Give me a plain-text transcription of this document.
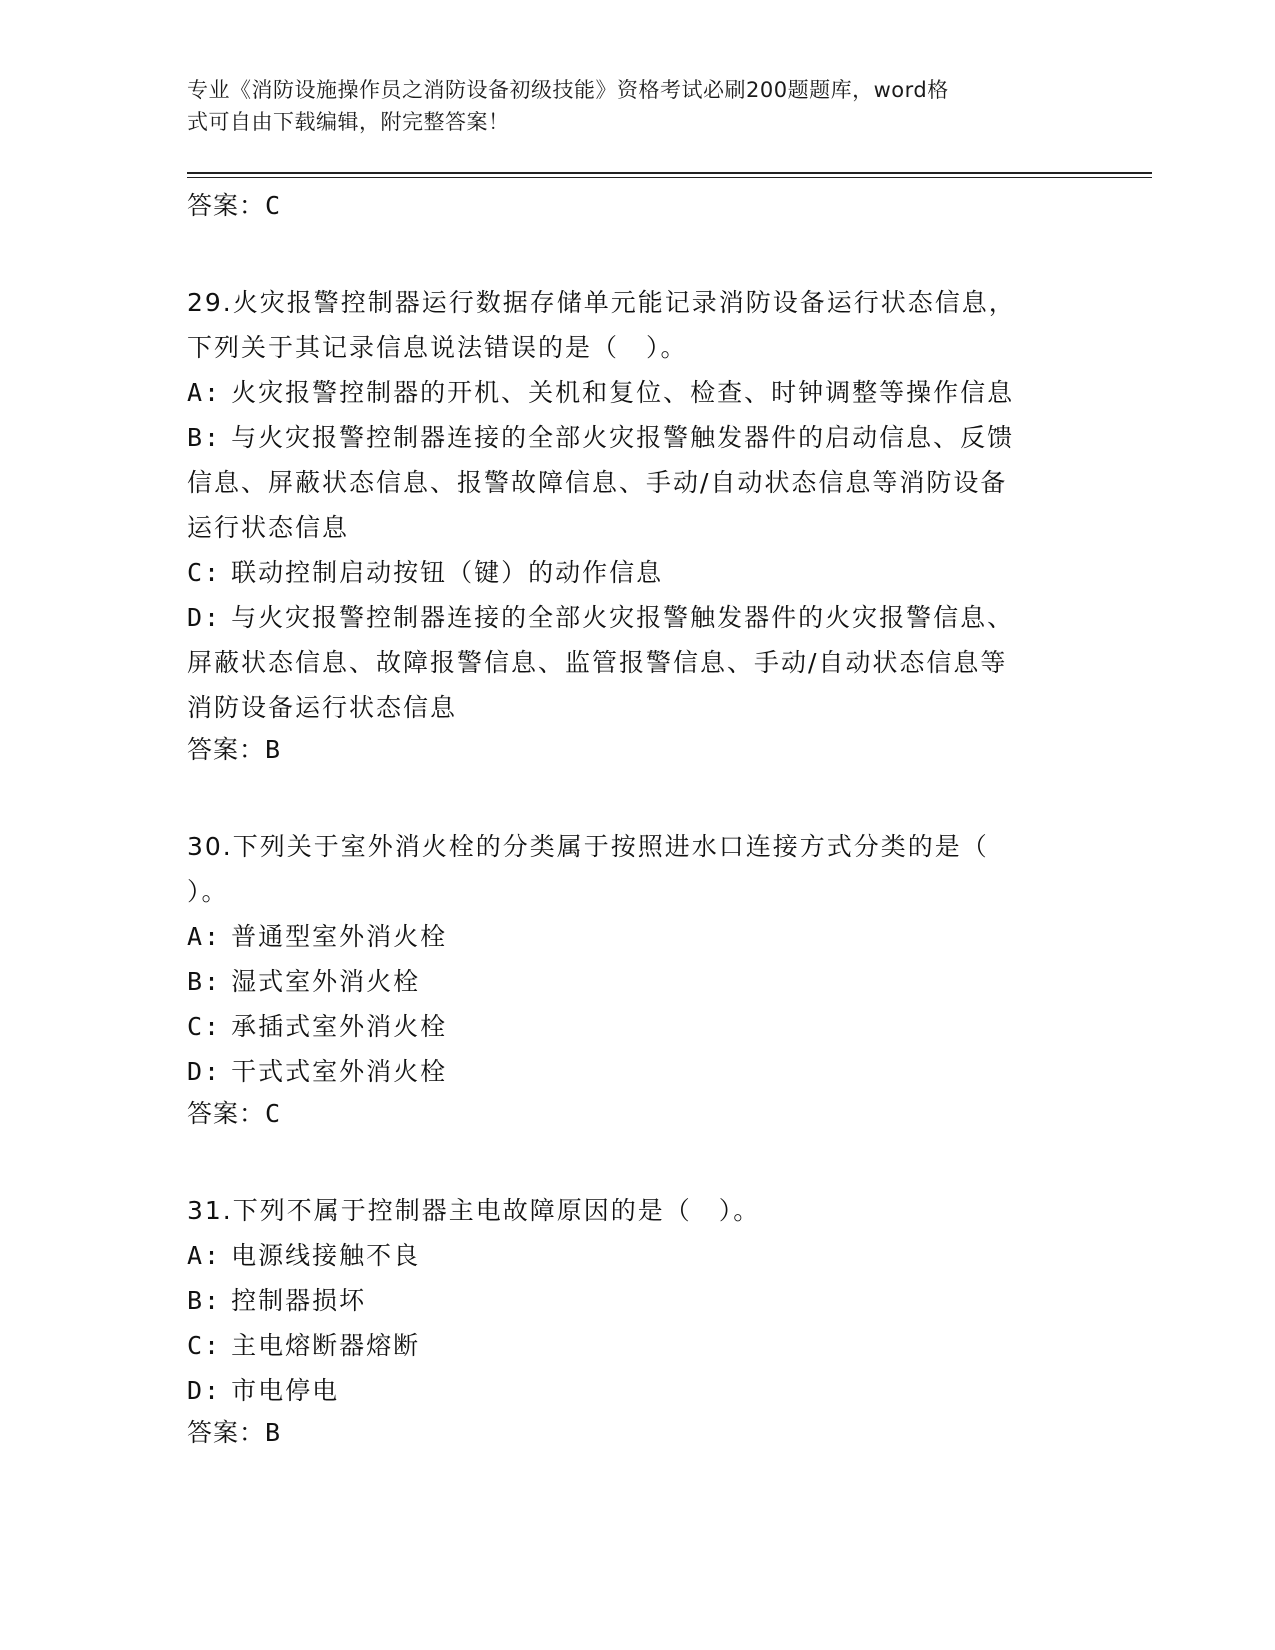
专业《消防设施操作员之消防设备初级技能》资格考试必刷200题题库，word格
式可自由下载编辑，附完整答案！
答案：C

29.火灾报警控制器运行数据存储单元能记录消防设备运行状态信息，

下列关于其记录信息说法错误的是（　）。

A: 火灾报警控制器的开机、关机和复位、检查、时钟调整等操作信息

B: 与火灾报警控制器连接的全部火灾报警触发器件的启动信息、反馈

信息、屏蔽状态信息、报警故障信息、手动/自动状态信息等消防设备

运行状态信息

C: 联动控制启动按钮（键）的动作信息

D: 与火灾报警控制器连接的全部火灾报警触发器件的火灾报警信息、

屏蔽状态信息、故障报警信息、监管报警信息、手动/自动状态信息等

消防设备运行状态信息

答案：B

30.下列关于室外消火栓的分类属于按照进水口连接方式分类的是（

）。

A: 普通型室外消火栓

B: 湿式室外消火栓

C: 承插式室外消火栓

D: 干式式室外消火栓

答案：C

31.下列不属于控制器主电故障原因的是（　）。

A: 电源线接触不良

B: 控制器损坏

C: 主电熔断器熔断

D: 市电停电

答案：B
